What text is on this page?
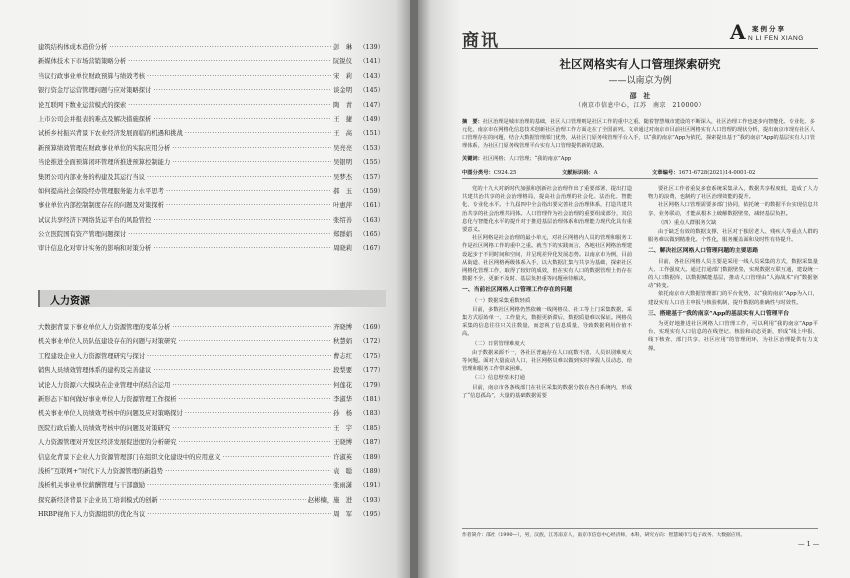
建筑结构体成本造价分析 ·····	彭　琳	（139）
新媒体技术下市场营销策略分析 ·····	阮锐仪	（141）
当议行政事业单位财政预算与绩效考核 ·····	宋　莉	（143）
银行资金厅运营管理问题与应对策略探讨 ·····	谈金明	（145）
论互联网下数业运营模式的探索 ·····	陶　青	（147）
上市公司会并报表的难点及解决措施探析 ·····	王　捷	（149）
试析乡村振兴背景下农业经济发展面临的机遇和挑战 ·····	王　高	（151）
新预算绩效管理在财政事业单位的实际应用分析 ·····	吴亮亮	（153）
当论推进全面预算闭环管理所推进预算控制能力 ·····	吴银明	（155）
集团公司内部业务的构建及其运行当议 ·····	吴梦杰	（157）
如何提高社会保险经办管理服务能力水平思考 ·····	郝　玉	（159）
事业单位内部控制制度存在的问题及对策探析 ·····	叶惠萍	（161）
试议共享经济下网络货运平台的风险管控 ·····	张绍善	（163）
公立医院国有资产管理问题探讨 ·····	郑群娟	（165）
审计信息化对审计实务的影响和对策分析 ·····	周晓莉	（167）
人力资源
大数据背景下事业单位人力资源管理的变革分析 ·····	齐晓博	（169）
机关事业单位人员队伍建设存在的问题与对策研究 ·····	秋慧娟	（172）
工程建设企业人力资源管理研究与探讨 ·····	曹志红	（175）
销售人员绩效管理体系的建构及完善建议 ·····	段梨要	（177）
试论人力资源六大模块在企业管理中的结合运用 ·····	何莲花	（179）
新形态下如何做好事业单位人力资源管理工作探析 ·····	李淑华	（181）
机关事业单位人员绩效考核中的问题及应对策略探讨 ·····	孙　杨	（183）
医院行政后勤人员绩效考核中的问题及对策研究 ·····	王　宇	（185）
人力资源管理对开发区经济发展促进度的分析研究 ·····	王晓博	（187）
信息化背景下企业人力资源管理部门在组织文化建设中的应用意义 ·····	许淑英	（189）
浅析“互联网+”时代下人力资源管理的新趋势 ·····	袁　聪	（189）
浅析机关事业单位薪酬管理与干部激励 ·····	张雨潇	（191）
探究新经济背景下企业员工培训模式的创新 ·····	赵彬楠，施　进	（193）
HRBP视角下人力资源组织的优化当议 ·····	周　军	（195）
商讯	A 案例分享
N LI FEN XIANG
社区网格实有人口管理探索研究
——以南京为例
邵　社
（南京市信息中心，江苏　南京　210000）
摘　要：社区治理是城市治理的基础，社区人口管理则是社区工作的重中之重。随着智慧城市建设的不断深入，社区治理工作也逐步向智能化、专业化、多元化，南京市在网格化信息技术创新社区治理工作方面走在了全国前列。文章通过对南京市目前社区网格实有人口管理的现状分析，提出南京市现有社区人口管理存在的问题，结合大数据管理部门优势，从社区门原务线管理平台入手，以“我的南京”App为依托，探索提出基于“我的南京”App的基层实有人口管理体系，为社区门原务线管理平台实有人口管理提供新的思路。
关键词：社区网格；人口管理；“我的南京”App
中图分类号：C924.25	文献标识码：A	文章编号：1671-6728(2021)14-0001-02

党的十九大对新时代加强和创新社会治理作出了重要部署，提出打造共建共治共享的社会治理格局，提高社会治理的社会化、法治化、智能化、专业化水平。十九届四中全会指出要完善社会治理体系，打造共建共治共享的社会治理共同体。人口管理作为社会治理的重要组成部分，其信息化与智能化水平的提升对于推进基层治理体系和治理能力现代化具有重要意义。

社区网格是社会治理的最小单元，对社区网格内人员的管理和服务工作是社区网格工作的重中之重。就当下的实践而言，各地社区网格治理建设起步于不同时间和空间，并呈现差异化发展态势。以南京市为例，目前从街道、社区网格两级体系入手，以大数据汇集与共享为基础，探索社区网格化管理工作，取得了较好的成效，但在实有人口的数据管理上仍存在数据不全、更新不及时、基层负担重等问题亟待解决。

一、当前社区网格人口管理工作存在的问题
（一）数据采集重数轻质

目前，多数社区网格仍然依赖一线网格员、社工等上门采集数据，采集方式原始单一、工作量大，数据更新滞后，数据质量难以保证。网格员采集的信息往往只关注数量，而忽视了信息质量，导致数据利用价值不高。

（二）日常管理难度大

由于数据来源不一，各社区普遍存在人口底数不清、人员识别难度大等问题。面对大量流动人口，社区网格员难以做到实时掌握人员动态，给管理和服务工作带来困难。

（三）信息壁垒未打通

目前，南京市各条线部门在社区采集的数据分散在各自系统内，形成了“信息孤岛”，大量的基础数据需要

要社区工作者重复多套系统采集录入，数据共享程度低，造成了人力物力的浪费，也制约了社区治理效能的提升。

社区网格人口管理需要多部门协同，依托统一的数据平台实现信息共享、业务联动，才能从根本上破解数据壁垒，减轻基层负担。

（四）重点人群服务欠缺

由于缺乏有效的数据支撑，社区对于独居老人、残疾人等重点人群的服务难以做到精准化、个性化，服务覆盖面和及时性有待提升。

二、解决社区网格人口管理问题的主要思路

目前，各社区网格人员主要是采用一线人员采集的方式，数据采集量大、工作强度大。通过打通部门数据壁垒，实现数据互联互通，建设统一的人口数据库，以数据赋能基层，推动人口管理由“人海战术”向“数据驱动”转变。

依托南京市大数据管理部门的平台优势，以“我的南京”App为入口，建设实有人口自主申报与核验机制，提升数据的准确性与时效性。

三、搭建基于“我的南京”App的基层实有人口管理平台

为更好地推进社区网格人口管理工作，可以利用“我的南京”App平台，实现实有人口信息的在线登记、核验和动态更新，形成“线上申报、线下核查、部门共享、社区应用”的管理闭环，为社区治理提供有力支撑。

作者简介：邵社（1990—），男，汉族，江苏南京人，南京市信息中心经济师，本科，研究方向：智慧城市与电子政务、大数据应用。
— 1 —
